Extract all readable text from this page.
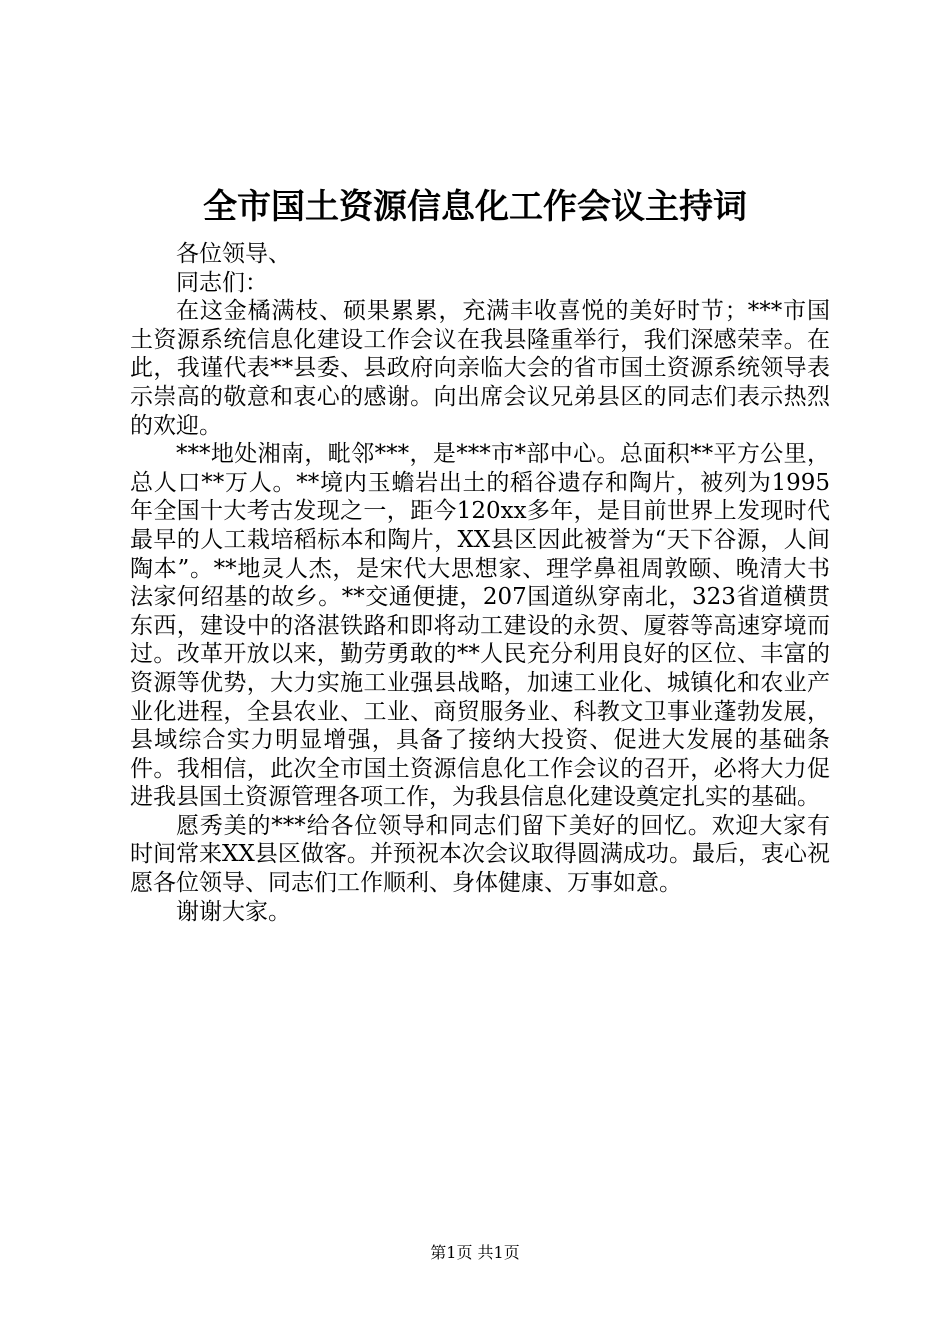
全市国土资源信息化工作会议主持词

各位领导、

同志们：

在这金橘满枝、硕果累累，充满丰收喜悦的美好时节；***市国土资源系统信息化建设工作会议在我县隆重举行，我们深感荣幸。在此，我谨代表**县委、县政府向亲临大会的省市国土资源系统领导表示崇高的敬意和衷心的感谢。向出席会议兄弟县区的同志们表示热烈的欢迎。

***地处湘南，毗邻***，是***市*部中心。总面积**平方公里，总人口**万人。**境内玉蟾岩出土的稻谷遗存和陶片，被列为1995年全国十大考古发现之一，距今120xx多年，是目前世界上发现时代最早的人工栽培稻标本和陶片，XX县区因此被誉为“天下谷源，人间陶本”。**地灵人杰，是宋代大思想家、理学鼻祖周敦颐、晚清大书法家何绍基的故乡。**交通便捷，207国道纵穿南北，323省道横贯东西，建设中的洛湛铁路和即将动工建设的永贺、厦蓉等高速穿境而过。改革开放以来，勤劳勇敢的**人民充分利用良好的区位、丰富的资源等优势，大力实施工业强县战略，加速工业化、城镇化和农业产业化进程，全县农业、工业、商贸服务业、科教文卫事业蓬勃发展，县域综合实力明显增强，具备了接纳大投资、促进大发展的基础条件。我相信，此次全市国土资源信息化工作会议的召开，必将大力促进我县国土资源管理各项工作，为我县信息化建设奠定扎实的基础。

愿秀美的***给各位领导和同志们留下美好的回忆。欢迎大家有时间常来XX县区做客。并预祝本次会议取得圆满成功。最后，衷心祝愿各位领导、同志们工作顺利、身体健康、万事如意。

谢谢大家。

第1页 共1页
